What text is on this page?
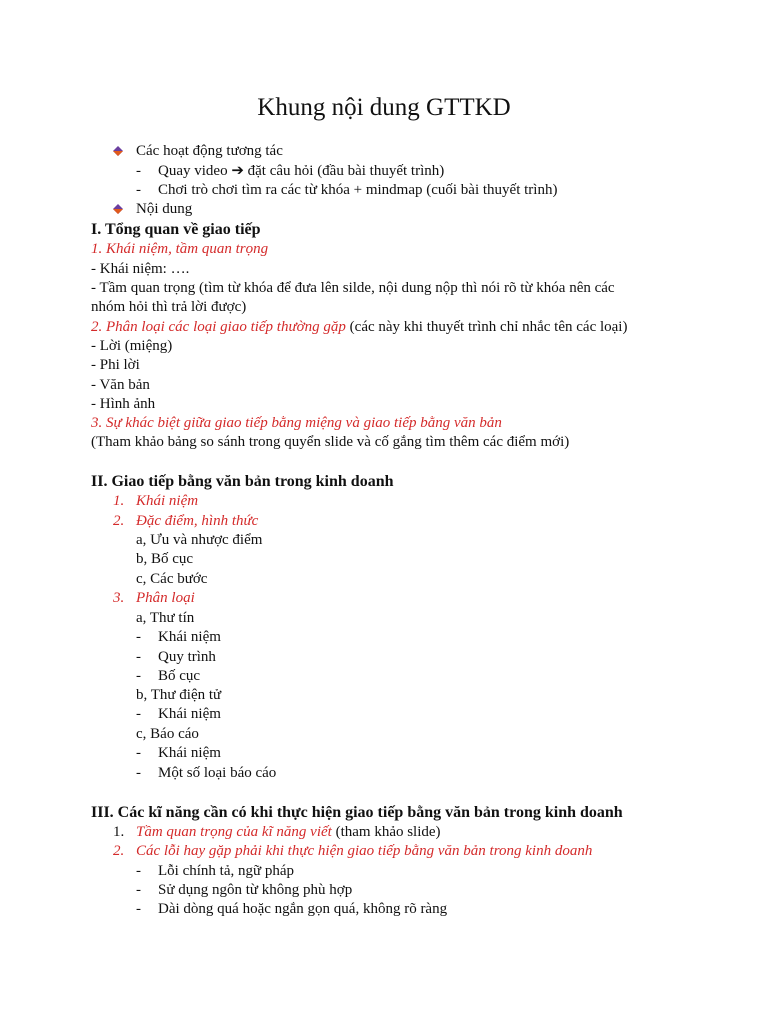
Khung nội dung GTTKD
Các hoạt động tương tác
- Quay video ➔ đặt câu hỏi (đầu bài thuyết trình)
- Chơi trò chơi tìm ra các từ khóa + mindmap (cuối bài thuyết trình)
Nội dung
I. Tổng quan về giao tiếp
1. Khái niệm, tầm quan trọng
- Khái niệm: ….
- Tầm quan trọng (tìm từ khóa để đưa lên silde, nội dung nộp thì nói rõ từ khóa nên các
nhóm hỏi thì trả lời được)
2. Phân loại các loại giao tiếp thường gặp (các này khi thuyết trình chỉ nhắc tên các loại)
- Lời (miệng)
- Phi lời
- Văn bản
- Hình ảnh
3. Sự khác biệt giữa giao tiếp bằng miệng và giao tiếp bằng văn bản
(Tham khảo bảng so sánh trong quyển slide và cố gắng tìm thêm các điểm mới)
II. Giao tiếp bằng văn bản trong kinh doanh
1. Khái niệm
2. Đặc điểm, hình thức
a, Ưu và nhược điểm
b, Bố cục
c, Các bước
3. Phân loại
a, Thư tín
- Khái niệm
- Quy trình
- Bố cục
b, Thư điện tử
- Khái niệm
c, Báo cáo
- Khái niệm
- Một số loại báo cáo
III. Các kĩ năng cần có khi thực hiện giao tiếp bằng văn bản trong kinh doanh
1. Tầm quan trọng của kĩ năng viết (tham khảo slide)
2. Các lỗi hay gặp phải khi thực hiện giao tiếp bằng văn bản trong kinh doanh
- Lỗi chính tả, ngữ pháp
- Sử dụng ngôn từ không phù hợp
- Dài dòng quá hoặc ngắn gọn quá, không rõ ràng
